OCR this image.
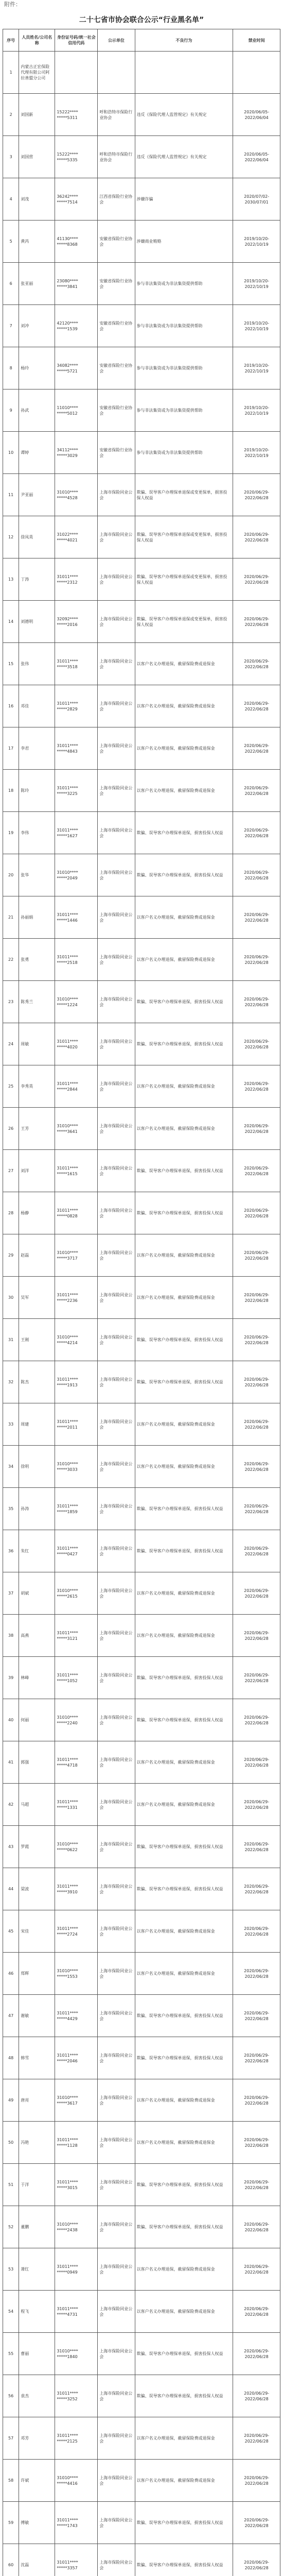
附件：
二十七省市协会联合公示“行业黑名单”
序号	人员姓名/公司名称	身份证号码/统一社会信用代码	公示单位	不良行为	禁业时间
1	内蒙古正宏保险代理有限公司阿拉善盟分公司				
2	刘国新	15222****
*****5311	呼和浩特市保险行业协会	违反《保险代理人监管规定》有关规定	2020/06/05-2022/06/04
3	刘国营	15222****
*****5335	呼和浩特市保险行业协会	违反《保险代理人监管规定》有关规定	2020/06/05-2022/06/04
4	刘茂	36242****
*****7514	江西省保险行业协会	涉嫌诈骗	2020/07/02-2030/07/01
5	黄芮	41130****
*****8368	安徽省保险行业协会	涉嫌商业贿赂	2019/10/20-2022/10/19
6	张亚丽	23080****
*****3841	安徽省保险行业协会	参与非法集资或为非法集资提供帮助	2019/10/20-2022/10/19
7	刘冲	42120****
*****1539	安徽省保险行业协会	参与非法集资或为非法集资提供帮助	2019/10/20-2022/10/19
8	杨玲	34082****
*****5721	安徽省保险行业协会	参与非法集资或为非法集资提供帮助	2019/10/20-2022/10/19
9	孙武	11010****
*****5012	安徽省保险行业协会	参与非法集资或为非法集资提供帮助	2019/10/20-2022/10/19
10	谭婷	34112****
*****3029	安徽省保险行业协会	参与非法集资或为非法集资提供帮助	2019/10/20-2022/10/19
11	尹亚丽	31010****
*****4528	上海市保险同业公会	欺骗、误导客户办理保单退保或变更保单，损害投保人权益	2020/06/29-2022/06/28
12	徐凤英	31022****
*****4021	上海市保险同业公会	欺骗、误导客户办理保单退保或变更保单，损害投保人权益	2020/06/29-2022/06/28
13	丁涛	31011****
*****2312	上海市保险同业公会	欺骗、误导客户办理保单退保或变更保单，损害投保人权益	2020/06/29-2022/06/28
14	刘德明	32092****
*****2016	上海市保险同业公会	欺骗、误导客户办理保单退保或变更保单，损害投保人权益	2020/06/29-2022/06/28
15	张伟	31011****
*****3518	上海市保险同业公会	以客户名义办理退保，截留保险费或退保金	2020/06/29-2022/06/28
16	邓佳	31011****
*****2829	上海市保险同业公会	以客户名义办理退保，截留保险费或退保金	2020/06/29-2022/06/28
17	李君	31011****
*****4843	上海市保险同业公会	以客户名义办理退保，截留保险费或退保金	2020/06/29-2022/06/28
18	陈玲	31011****
*****3225	上海市保险同业公会	以客户名义办理退保，截留保险费或退保金	2020/06/29-2022/06/28
19	李伟	31011****
*****1627	上海市保险同业公会	欺骗、误导客户办理保单退保，损害投保人权益	2020/06/29-2022/06/28
20	张华	31010****
*****2049	上海市保险同业公会	欺骗、误导客户办理保单退保，损害投保人权益	2020/06/29-2022/06/28
21	孙丽娟	31011****
*****1446	上海市保险同业公会	以客户名义办理退保，截留保险费或退保金	2020/06/29-2022/06/28
22	张勇	31011****
*****2518	上海市保险同业公会	以客户名义办理退保，截留保险费或退保金	2020/06/29-2022/06/28
23	陈秀兰	31010****
*****1224	上海市保险同业公会	欺骗、误导客户办理保单退保，损害投保人权益	2020/06/29-2022/06/28
24	周敏	31011****
*****4020	上海市保险同业公会	欺骗、误导客户办理保单退保，损害投保人权益	2020/06/29-2022/06/28
25	李秀英	31011****
*****2844	上海市保险同业公会	以客户名义办理退保，截留保险费或退保金	2020/06/29-2022/06/28
26	王芳	31010****
*****3641	上海市保险同业公会	以客户名义办理退保，截留保险费或退保金	2020/06/29-2022/06/28
27	刘洋	31011****
*****1615	上海市保险同业公会	欺骗、误导客户办理保单退保，损害投保人权益	2020/06/29-2022/06/28
28	杨静	31011****
*****0828	上海市保险同业公会	欺骗、误导客户办理保单退保，损害投保人权益	2020/06/29-2022/06/28
29	赵磊	31010****
*****3717	上海市保险同业公会	以客户名义办理退保，截留保险费或退保金	2020/06/29-2022/06/28
30	吴军	31011****
*****2236	上海市保险同业公会	以客户名义办理退保，截留保险费或退保金	2020/06/29-2022/06/28
31	王刚	31010****
*****4214	上海市保险同业公会	欺骗、误导客户办理保单退保，损害投保人权益	2020/06/29-2022/06/28
32	陈杰	31011****
*****1913	上海市保险同业公会	欺骗、误导客户办理保单退保，损害投保人权益	2020/06/29-2022/06/28
33	周建	31011****
*****2011	上海市保险同业公会	以客户名义办理退保，截留保险费或退保金	2020/06/29-2022/06/28
34	徐明	31010****
*****3033	上海市保险同业公会	以客户名义办理退保，截留保险费或退保金	2020/06/29-2022/06/28
35	孙涛	31011****
*****1859	上海市保险同业公会	欺骗、误导客户办理保单退保，损害投保人权益	2020/06/29-2022/06/28
36	朱红	31011****
*****0427	上海市保险同业公会	欺骗、误导客户办理保单退保，损害投保人权益	2020/06/29-2022/06/28
37	胡斌	31010****
*****2615	上海市保险同业公会	以客户名义办理退保，截留保险费或退保金	2020/06/29-2022/06/28
38	高燕	31011****
*****3121	上海市保险同业公会	以客户名义办理退保，截留保险费或退保金	2020/06/29-2022/06/28
39	林峰	31011****
*****1052	上海市保险同业公会	欺骗、误导客户办理保单退保，损害投保人权益	2020/06/29-2022/06/28
40	何丽	31010****
*****2240	上海市保险同业公会	欺骗、误导客户办理保单退保，损害投保人权益	2020/06/29-2022/06/28
41	郭强	31011****
*****4718	上海市保险同业公会	以客户名义办理退保，截留保险费或退保金	2020/06/29-2022/06/28
42	马超	31011****
*****1331	上海市保险同业公会	以客户名义办理退保，截留保险费或退保金	2020/06/29-2022/06/28
43	罗霞	31010****
*****0622	上海市保险同业公会	欺骗、误导客户办理保单退保，损害投保人权益	2020/06/29-2022/06/28
44	梁波	31011****
*****3910	上海市保险同业公会	欺骗、误导客户办理保单退保，损害投保人权益	2020/06/29-2022/06/28
45	宋佳	31011****
*****2724	上海市保险同业公会	以客户名义办理退保，截留保险费或退保金	2020/06/29-2022/06/28
46	郑辉	31010****
*****1553	上海市保险同业公会	以客户名义办理退保，截留保险费或退保金	2020/06/29-2022/06/28
47	谢敏	31011****
*****4429	上海市保险同业公会	欺骗、误导客户办理保单退保，损害投保人权益	2020/06/29-2022/06/28
48	韩雪	31011****
*****2046	上海市保险同业公会	欺骗、误导客户办理保单退保，损害投保人权益	2020/06/29-2022/06/28
49	唐亮	31010****
*****3617	上海市保险同业公会	以客户名义办理退保，截留保险费或退保金	2020/06/29-2022/06/28
50	冯艳	31011****
*****1128	上海市保险同业公会	以客户名义办理退保，截留保险费或退保金	2020/06/29-2022/06/28
51	于洋	31011****
*****3015	上海市保险同业公会	欺骗、误导客户办理保单退保，损害投保人权益	2020/06/29-2022/06/28
52	董鹏	31010****
*****2438	上海市保险同业公会	欺骗、误导客户办理保单退保，损害投保人权益	2020/06/29-2022/06/28
53	萧红	31011****
*****0949	上海市保险同业公会	以客户名义办理退保，截留保险费或退保金	2020/06/29-2022/06/28
54	程飞	31011****
*****4731	上海市保险同业公会	以客户名义办理退保，截留保险费或退保金	2020/06/29-2022/06/28
55	曹丽	31010****
*****1840	上海市保险同业公会	欺骗、误导客户办理保单退保，损害投保人权益	2020/06/29-2022/06/28
56	袁杰	31011****
*****3252	上海市保险同业公会	欺骗、误导客户办理保单退保，损害投保人权益	2020/06/29-2022/06/28
57	邓芳	31011****
*****2125	上海市保险同业公会	以客户名义办理退保，截留保险费或退保金	2020/06/29-2022/06/28
58	许斌	31010****
*****4416	上海市保险同业公会	以客户名义办理退保，截留保险费或退保金	2020/06/29-2022/06/28
59	傅敏	31011****
*****1743	上海市保险同业公会	欺骗、误导客户办理保单退保，损害投保人权益	2020/06/29-2022/06/28
60	沈磊	31011****
*****3357	上海市保险同业公会	欺骗、误导客户办理保单退保，损害投保人权益	2020/06/29-2022/06/28
